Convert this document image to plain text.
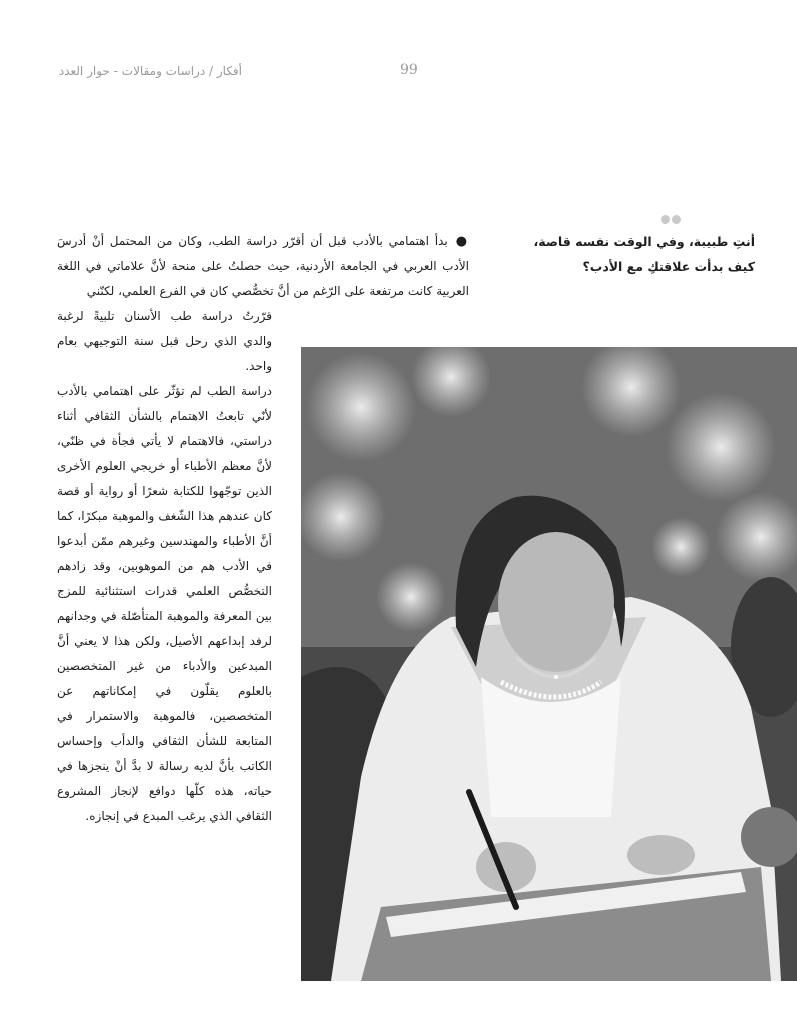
أفكار / دراسات ومقالات - حوار العدد	99
أنتِ طبيبة، وفي الوقت نفسه قاصة، كيف بدأت علاقتكِ مع الأدب؟

●بدأ اهتمامي بالأدب قبل أن أقرّر دراسة الطب، وكان من المحتمل أنْ أدرسَ الأدب العربي في الجامعة الأردنية، حيث حصلتُ على منحة لأنَّ علاماتي في اللغة العربية كانت مرتفعة على الرّغم من أنَّ تخصُّصي كان في الفرع العلمي، لكنّني

قرّرتُ دراسة طب الأسنان تلبيةً لرغبة والدي الذي رحل قبل سنة التوجيهي بعام واحد.

دراسة الطب لم تؤثّر على اهتمامي بالأدب لأنّي تابعتُ الاهتمام بالشأن الثقافي أثناء دراستي، فالاهتمام لا يأتي فجأة في ظنّي، لأنَّ معظم الأطباء أو خريجي العلوم الأخرى الذين توجّهوا للكتابة شعرًا أو رواية أو قصة كان عندهم هذا الشّغف والموهبة مبكرًا، كما أنَّ الأطباء والمهندسين وغيرهم ممّن أبدعوا في الأدب هم من الموهوبين، وقد زادهم التخصُّص العلمي قدرات استثنائية للمزج بين المعرفة والموهبة المتأصّلة في وجدانهم لرفد إبداعهم الأصيل، ولكن هذا لا يعني أنَّ المبدعين والأدباء من غير المتخصصين بالعلوم يقلّون في إمكاناتهم عن المتخصصين، فالموهبة والاستمرار في المتابعة للشأن الثقافي والدأب وإحساس الكاتب بأنَّ لديه رسالة لا بدَّ أنْ ينجزها في حياته، هذه كلّها دوافع لإنجاز المشروع الثقافي الذي يرغب المبدع في إنجازه.
